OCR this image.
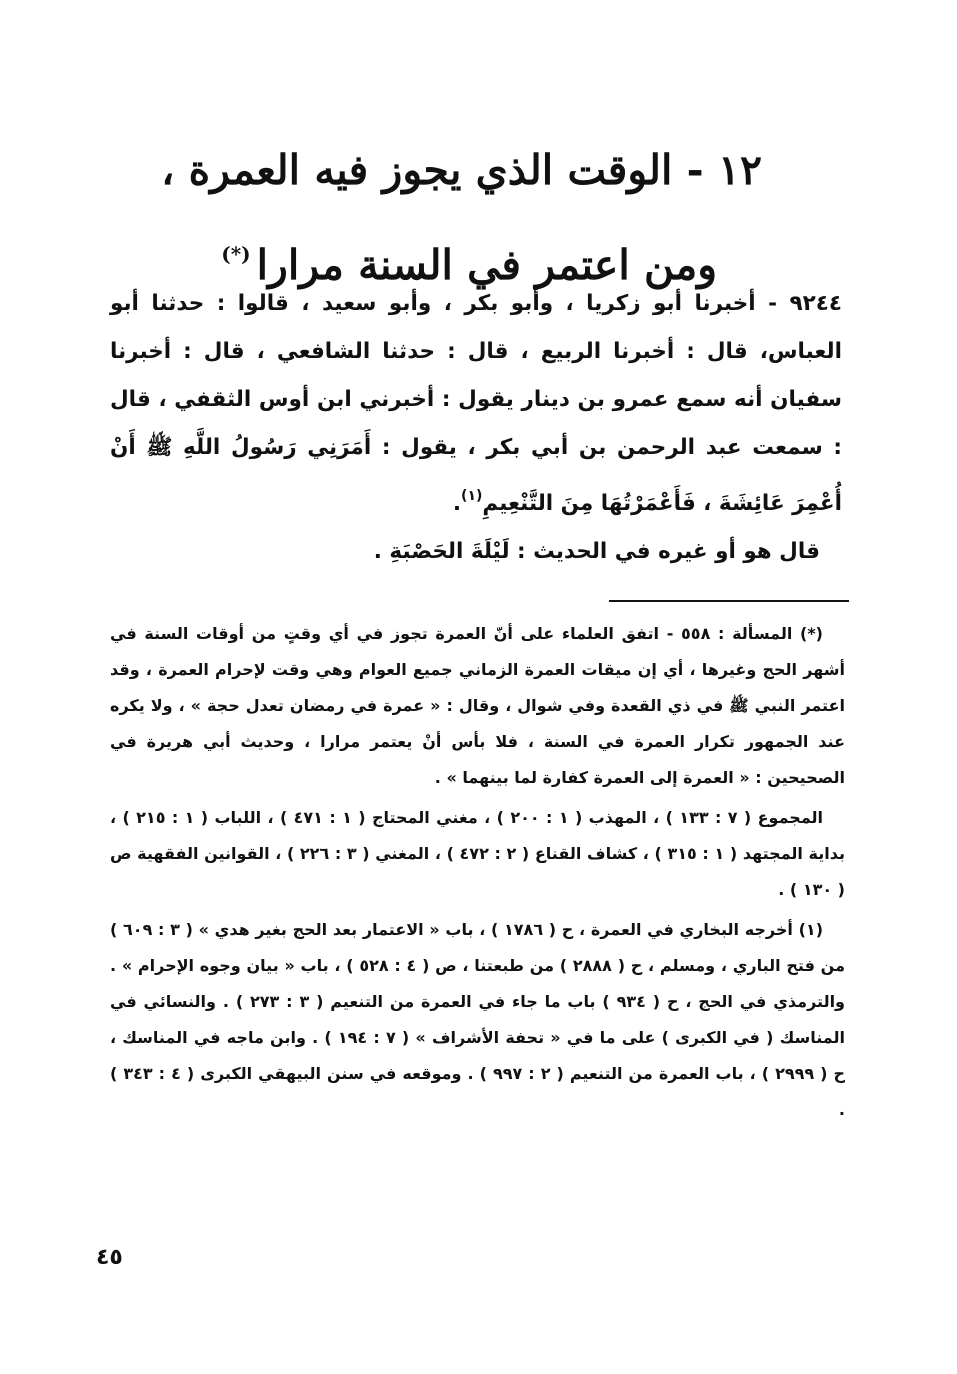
١٢ - الوقت الذي يجوز فيه العمرة ،
ومن اعتمر في السنة مرارا(*)

٩٢٤٤ - أخبرنا أبو زكريا ، وأبو بكر ، وأبو سعيد ، قالوا : حدثنا أبو العباس، قال : أخبرنا الربيع ، قال : حدثنا الشافعي ، قال : أخبرنا سفيان أنه سمع عمرو بن دينار يقول : أخبرني ابن أوس الثقفي ، قال : سمعت عبد الرحمن بن أبي بكر ، يقول : أَمَرَنِي رَسُولُ اللَّهِ ﷺ أَنْ أُعْمِرَ عَائِشَةَ ، فَأَعْمَرْتُهَا مِنَ التَّنْعِيمِ$^{(١)}$.

قال هو أو غيره في الحديث : لَيْلَةَ الحَصْبَةِ .

(*) المسألة : ٥٥٨ - اتفق العلماء على أنّ العمرة تجوز في أي وقتٍ من أوقات السنة في أشهر الحج وغيرها ، أي إن ميقات العمرة الزماني جميع العوام وهي وقت لإحرام العمرة ، وقد اعتمر النبي ﷺ في ذي القعدة وفي شوال ، وقال : « عمرة في رمضان تعدل حجة » ، ولا يكره عند الجمهور تكرار العمرة في السنة ، فلا بأس أنْ يعتمر مرارا ، وحديث أبي هريرة في الصحيحين : « العمرة إلى العمرة كفارة لما بينهما » .

المجموع ( ٧ : ١٣٣ ) ، المهذب ( ١ : ٢٠٠ ) ، مغني المحتاج ( ١ : ٤٧١ ) ، اللباب ( ١ : ٢١٥ ) ، بداية المجتهد ( ١ : ٣١٥ ) ، كشاف القناع ( ٢ : ٤٧٢ ) ، المغني ( ٣ : ٢٢٦ ) ، القوانين الفقهية ص ( ١٣٠ ) .

(١) أخرجه البخاري في العمرة ، ح ( ١٧٨٦ ) ، باب « الاعتمار بعد الحج بغير هدي » ( ٣ : ٦٠٩ ) من فتح الباري ، ومسلم ، ح ( ٢٨٨٨ ) من طبعتنا ، ص ( ٤ : ٥٢٨ ) ، باب « بيان وجوه الإحرام » . والترمذي في الحج ، ح ( ٩٣٤ ) باب ما جاء في العمرة من التنعيم ( ٣ : ٢٧٣ ) . والنسائي في المناسك ( في الكبرى ) على ما في « تحفة الأشراف » ( ٧ : ١٩٤ ) . وابن ماجه في المناسك ، ح ( ٢٩٩٩ ) ، باب العمرة من التنعيم ( ٢ : ٩٩٧ ) . وموقعه في سنن البيهقي الكبرى ( ٤ : ٣٤٣ ) .

٤٥
